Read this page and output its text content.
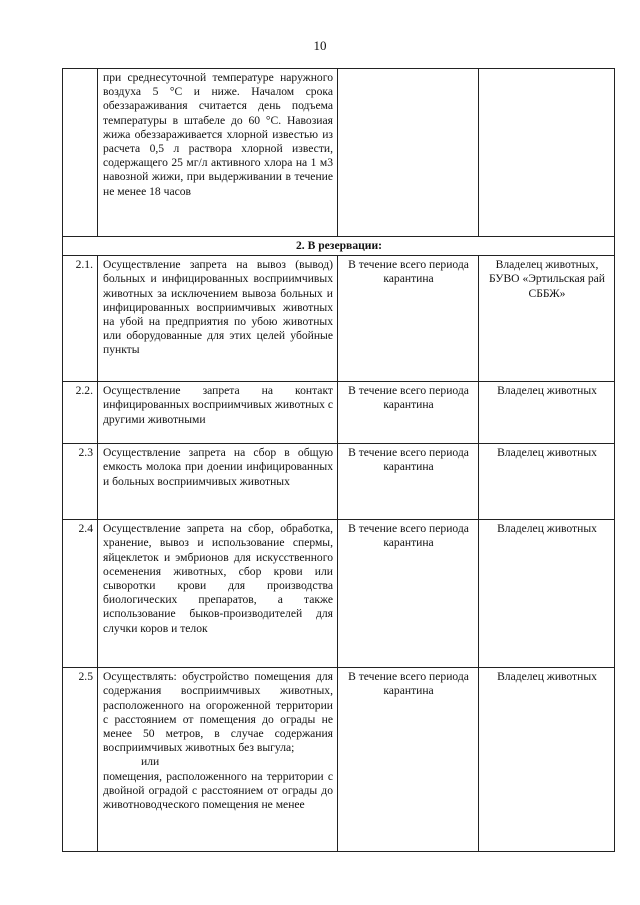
10
	при среднесуточной температуре наружного воздуха 5 °С и ниже. Началом срока обеззараживания считается день подъема температуры в штабеле до 60 °С. Навозиая жижа обеззараживается хлорной известью из расчета 0,5 л раствора хлорной извести, содержащего 25 мг/л активного хлора на 1 м3 навозной жижи, при выдерживании в течение не менее 18 часов		
2. В резервации:			
2.1.	Осуществление запрета на вывоз (вывод) больных и инфицированных восприимчивых животных за исключением вывоза больных и инфицированных восприимчивых животных на убой на предприятия по убою животных или оборудованные для этих целей убойные пункты	В течение всего периода карантина	Владелец животных, БУВО «Эртильская рай СББЖ»
2.2.	Осуществление запрета на контакт инфицированных восприимчивых животных с другими животными	В течение всего периода карантина	Владелец животных
2.3	Осуществление запрета на сбор в общую емкость молока при доении инфицированных и больных восприимчивых животных	В течение всего периода карантина	Владелец животных
2.4	Осуществление запрета на сбор, обработка, хранение, вывоз и использование спермы, яйцеклеток и эмбрионов для искусственного осеменения животных, сбор крови или сыворотки крови для производства биологических препаратов, а также использование быков-производителей для случки коров и телок	В течение всего периода карантина	Владелец животных
2.5	Осуществлять: обустройство помещения для содержания восприимчивых животных, расположенного на огороженной территории с расстоянием от помещения до ограды не менее 50 метров, в случае содержания восприимчивых животных без выгула;
или
помещения, расположенного на территории с двойной оградой с расстоянием от ограды до животноводческого помещения не менее	В течение всего периода карантина	Владелец животных
